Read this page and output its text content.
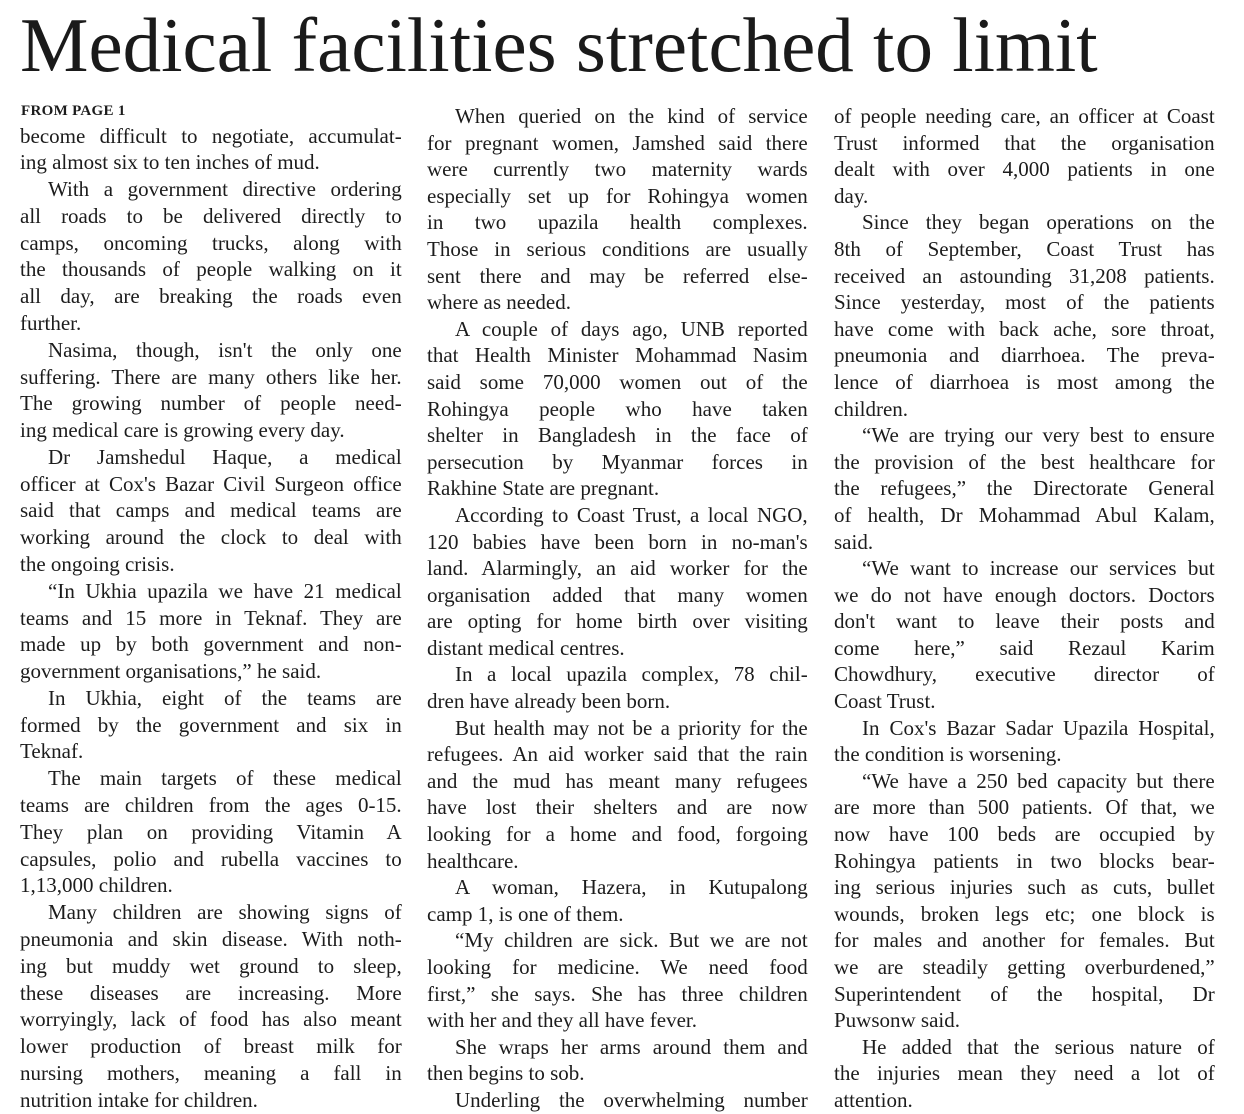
Medical facilities stretched to limit
FROM PAGE 1
become difficult to negotiate, accumulat-
ing almost six to ten inches of mud.
With a government directive ordering
all roads to be delivered directly to
camps, oncoming trucks, along with
the thousands of people walking on it
all day, are breaking the roads even
further.
Nasima, though, isn't the only one
suffering. There are many others like her.
The growing number of people need-
ing medical care is growing every day.
Dr Jamshedul Haque, a medical
officer at Cox's Bazar Civil Surgeon office
said that camps and medical teams are
working around the clock to deal with
the ongoing crisis.
“In Ukhia upazila we have 21 medical
teams and 15 more in Teknaf. They are
made up by both government and non-
government organisations,” he said.
In Ukhia, eight of the teams are
formed by the government and six in
Teknaf.
The main targets of these medical
teams are children from the ages 0-15.
They plan on providing Vitamin A
capsules, polio and rubella vaccines to
1,13,000 children.
Many children are showing signs of
pneumonia and skin disease. With noth-
ing but muddy wet ground to sleep,
these diseases are increasing. More
worryingly, lack of food has also meant
lower production of breast milk for
nursing mothers, meaning a fall in
nutrition intake for children.
When queried on the kind of service
for pregnant women, Jamshed said there
were currently two maternity wards
especially set up for Rohingya women
in two upazila health complexes.
Those in serious conditions are usually
sent there and may be referred else-
where as needed.
A couple of days ago, UNB reported
that Health Minister Mohammad Nasim
said some 70,000 women out of the
Rohingya people who have taken
shelter in Bangladesh in the face of
persecution by Myanmar forces in
Rakhine State are pregnant.
According to Coast Trust, a local NGO,
120 babies have been born in no-man's
land. Alarmingly, an aid worker for the
organisation added that many women
are opting for home birth over visiting
distant medical centres.
In a local upazila complex, 78 chil-
dren have already been born.
But health may not be a priority for the
refugees. An aid worker said that the rain
and the mud has meant many refugees
have lost their shelters and are now
looking for a home and food, forgoing
healthcare.
A woman, Hazera, in Kutupalong
camp 1, is one of them.
“My children are sick. But we are not
looking for medicine. We need food
first,” she says. She has three children
with her and they all have fever.
She wraps her arms around them and
then begins to sob.
Underling the overwhelming number
of people needing care, an officer at Coast
Trust informed that the organisation
dealt with over 4,000 patients in one
day.
Since they began operations on the
8th of September, Coast Trust has
received an astounding 31,208 patients.
Since yesterday, most of the patients
have come with back ache, sore throat,
pneumonia and diarrhoea. The preva-
lence of diarrhoea is most among the
children.
“We are trying our very best to ensure
the provision of the best healthcare for
the refugees,” the Directorate General
of health, Dr Mohammad Abul Kalam,
said.
“We want to increase our services but
we do not have enough doctors. Doctors
don't want to leave their posts and
come here,” said Rezaul Karim
Chowdhury, executive director of
Coast Trust.
In Cox's Bazar Sadar Upazila Hospital,
the condition is worsening.
“We have a 250 bed capacity but there
are more than 500 patients. Of that, we
now have 100 beds are occupied by
Rohingya patients in two blocks bear-
ing serious injuries such as cuts, bullet
wounds, broken legs etc; one block is
for males and another for females. But
we are steadily getting overburdened,”
Superintendent of the hospital, Dr
Puwsonw said.
He added that the serious nature of
the injuries mean they need a lot of
attention.
